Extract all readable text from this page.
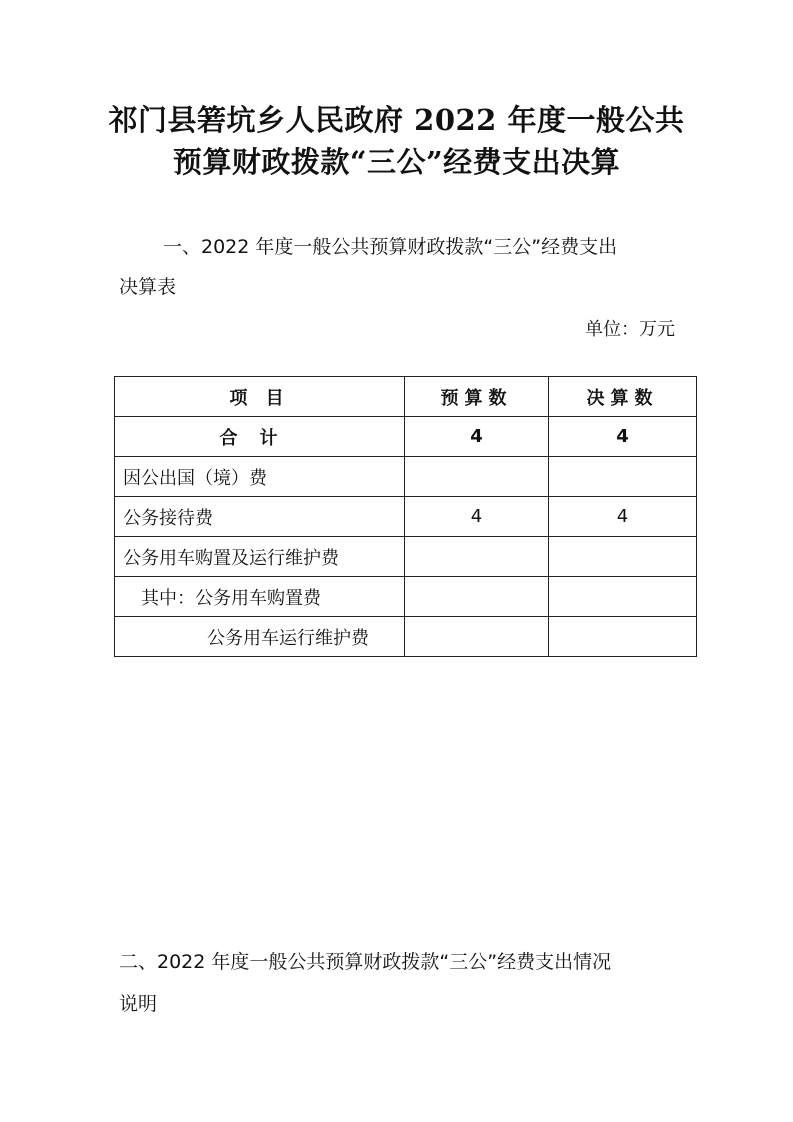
祁门县箬坑乡人民政府 2022 年度一般公共
预算财政拨款“三公”经费支出决算
一、2022 年度一般公共预算财政拨款“三公”经费支出
决算表
单位：万元
项 目	预算数	决算数
合计	4	4
因公出国（境）费		
公务接待费	4	4
公务用车购置及运行维护费		
其中：公务用车购置费		
公务用车运行维护费		
二、2022 年度一般公共预算财政拨款“三公”经费支出情况
说明
